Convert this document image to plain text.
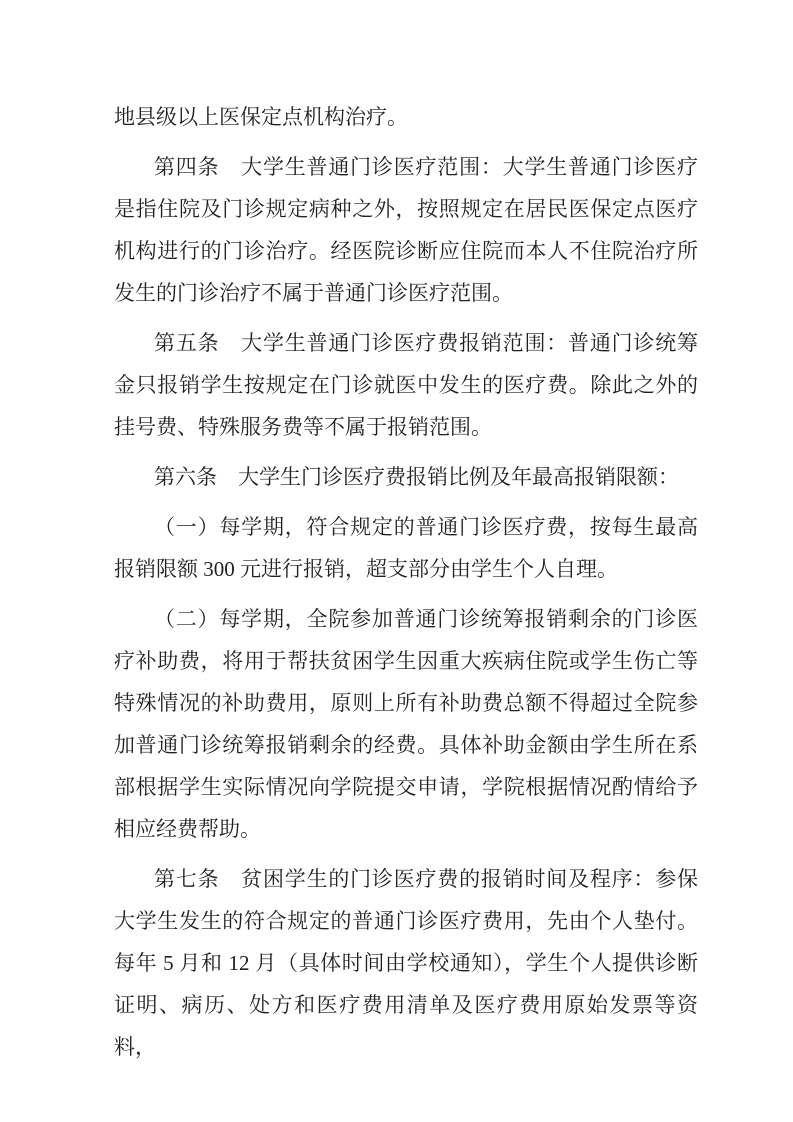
地县级以上医保定点机构治疗。

第四条　大学生普通门诊医疗范围：大学生普通门诊医疗是指住院及门诊规定病种之外，按照规定在居民医保定点医疗机构进行的门诊治疗。经医院诊断应住院而本人不住院治疗所发生的门诊治疗不属于普通门诊医疗范围。

第五条　大学生普通门诊医疗费报销范围：普通门诊统筹金只报销学生按规定在门诊就医中发生的医疗费。除此之外的挂号费、特殊服务费等不属于报销范围。

第六条　大学生门诊医疗费报销比例及年最高报销限额：

（一）每学期，符合规定的普通门诊医疗费，按每生最高报销限额 300 元进行报销，超支部分由学生个人自理。

（二）每学期，全院参加普通门诊统筹报销剩余的门诊医疗补助费，将用于帮扶贫困学生因重大疾病住院或学生伤亡等特殊情况的补助费用，原则上所有补助费总额不得超过全院参加普通门诊统筹报销剩余的经费。具体补助金额由学生所在系部根据学生实际情况向学院提交申请，学院根据情况酌情给予相应经费帮助。

第七条　贫困学生的门诊医疗费的报销时间及程序：参保大学生发生的符合规定的普通门诊医疗费用，先由个人垫付。每年 5 月和 12 月（具体时间由学校通知），学生个人提供诊断证明、病历、处方和医疗费用清单及医疗费用原始发票等资料，
